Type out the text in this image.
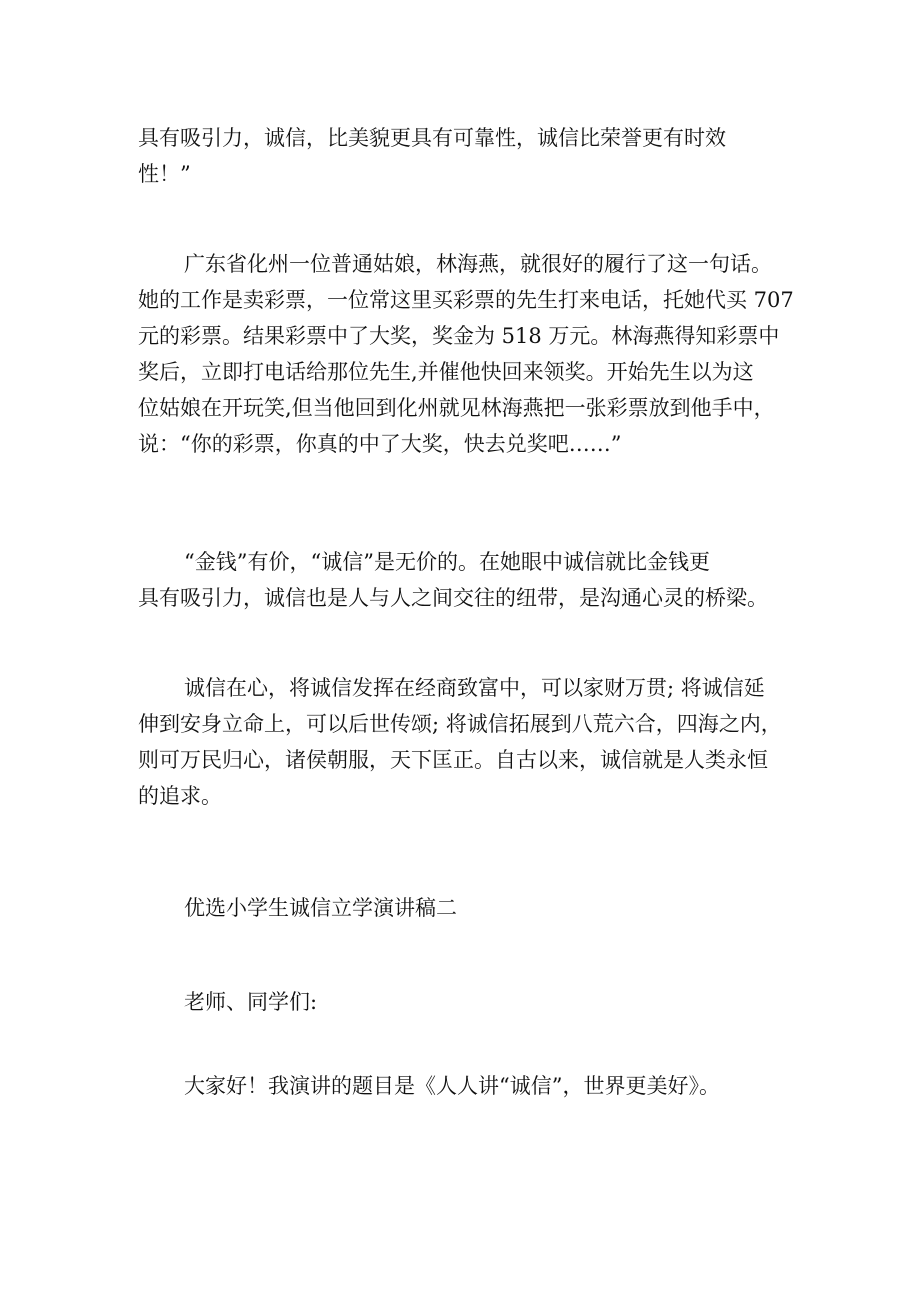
具有吸引力，诚信，比美貌更具有可靠性，诚信比荣誉更有时效
性！”

广东省化州一位普通姑娘，林海燕，就很好的履行了这一句话。
她的工作是卖彩票，一位常这里买彩票的先生打来电话，托她代买 707
元的彩票。结果彩票中了大奖，奖金为 518 万元。林海燕得知彩票中
奖后，立即打电话给那位先生,并催他快回来领奖。开始先生以为这
位姑娘在开玩笑,但当他回到化州就见林海燕把一张彩票放到他手中，
说：“你的彩票，你真的中了大奖，快去兑奖吧……”

“金钱”有价，“诚信”是无价的。在她眼中诚信就比金钱更
具有吸引力，诚信也是人与人之间交往的纽带，是沟通心灵的桥梁。

诚信在心，将诚信发挥在经商致富中，可以家财万贯; 将诚信延
伸到安身立命上，可以后世传颂; 将诚信拓展到八荒六合，四海之内，
则可万民归心，诸侯朝服，天下匡正。自古以来，诚信就是人类永恒
的追求。

优选小学生诚信立学演讲稿二

老师、同学们:

大家好！我演讲的题目是《人人讲“诚信”，世界更美好》。
